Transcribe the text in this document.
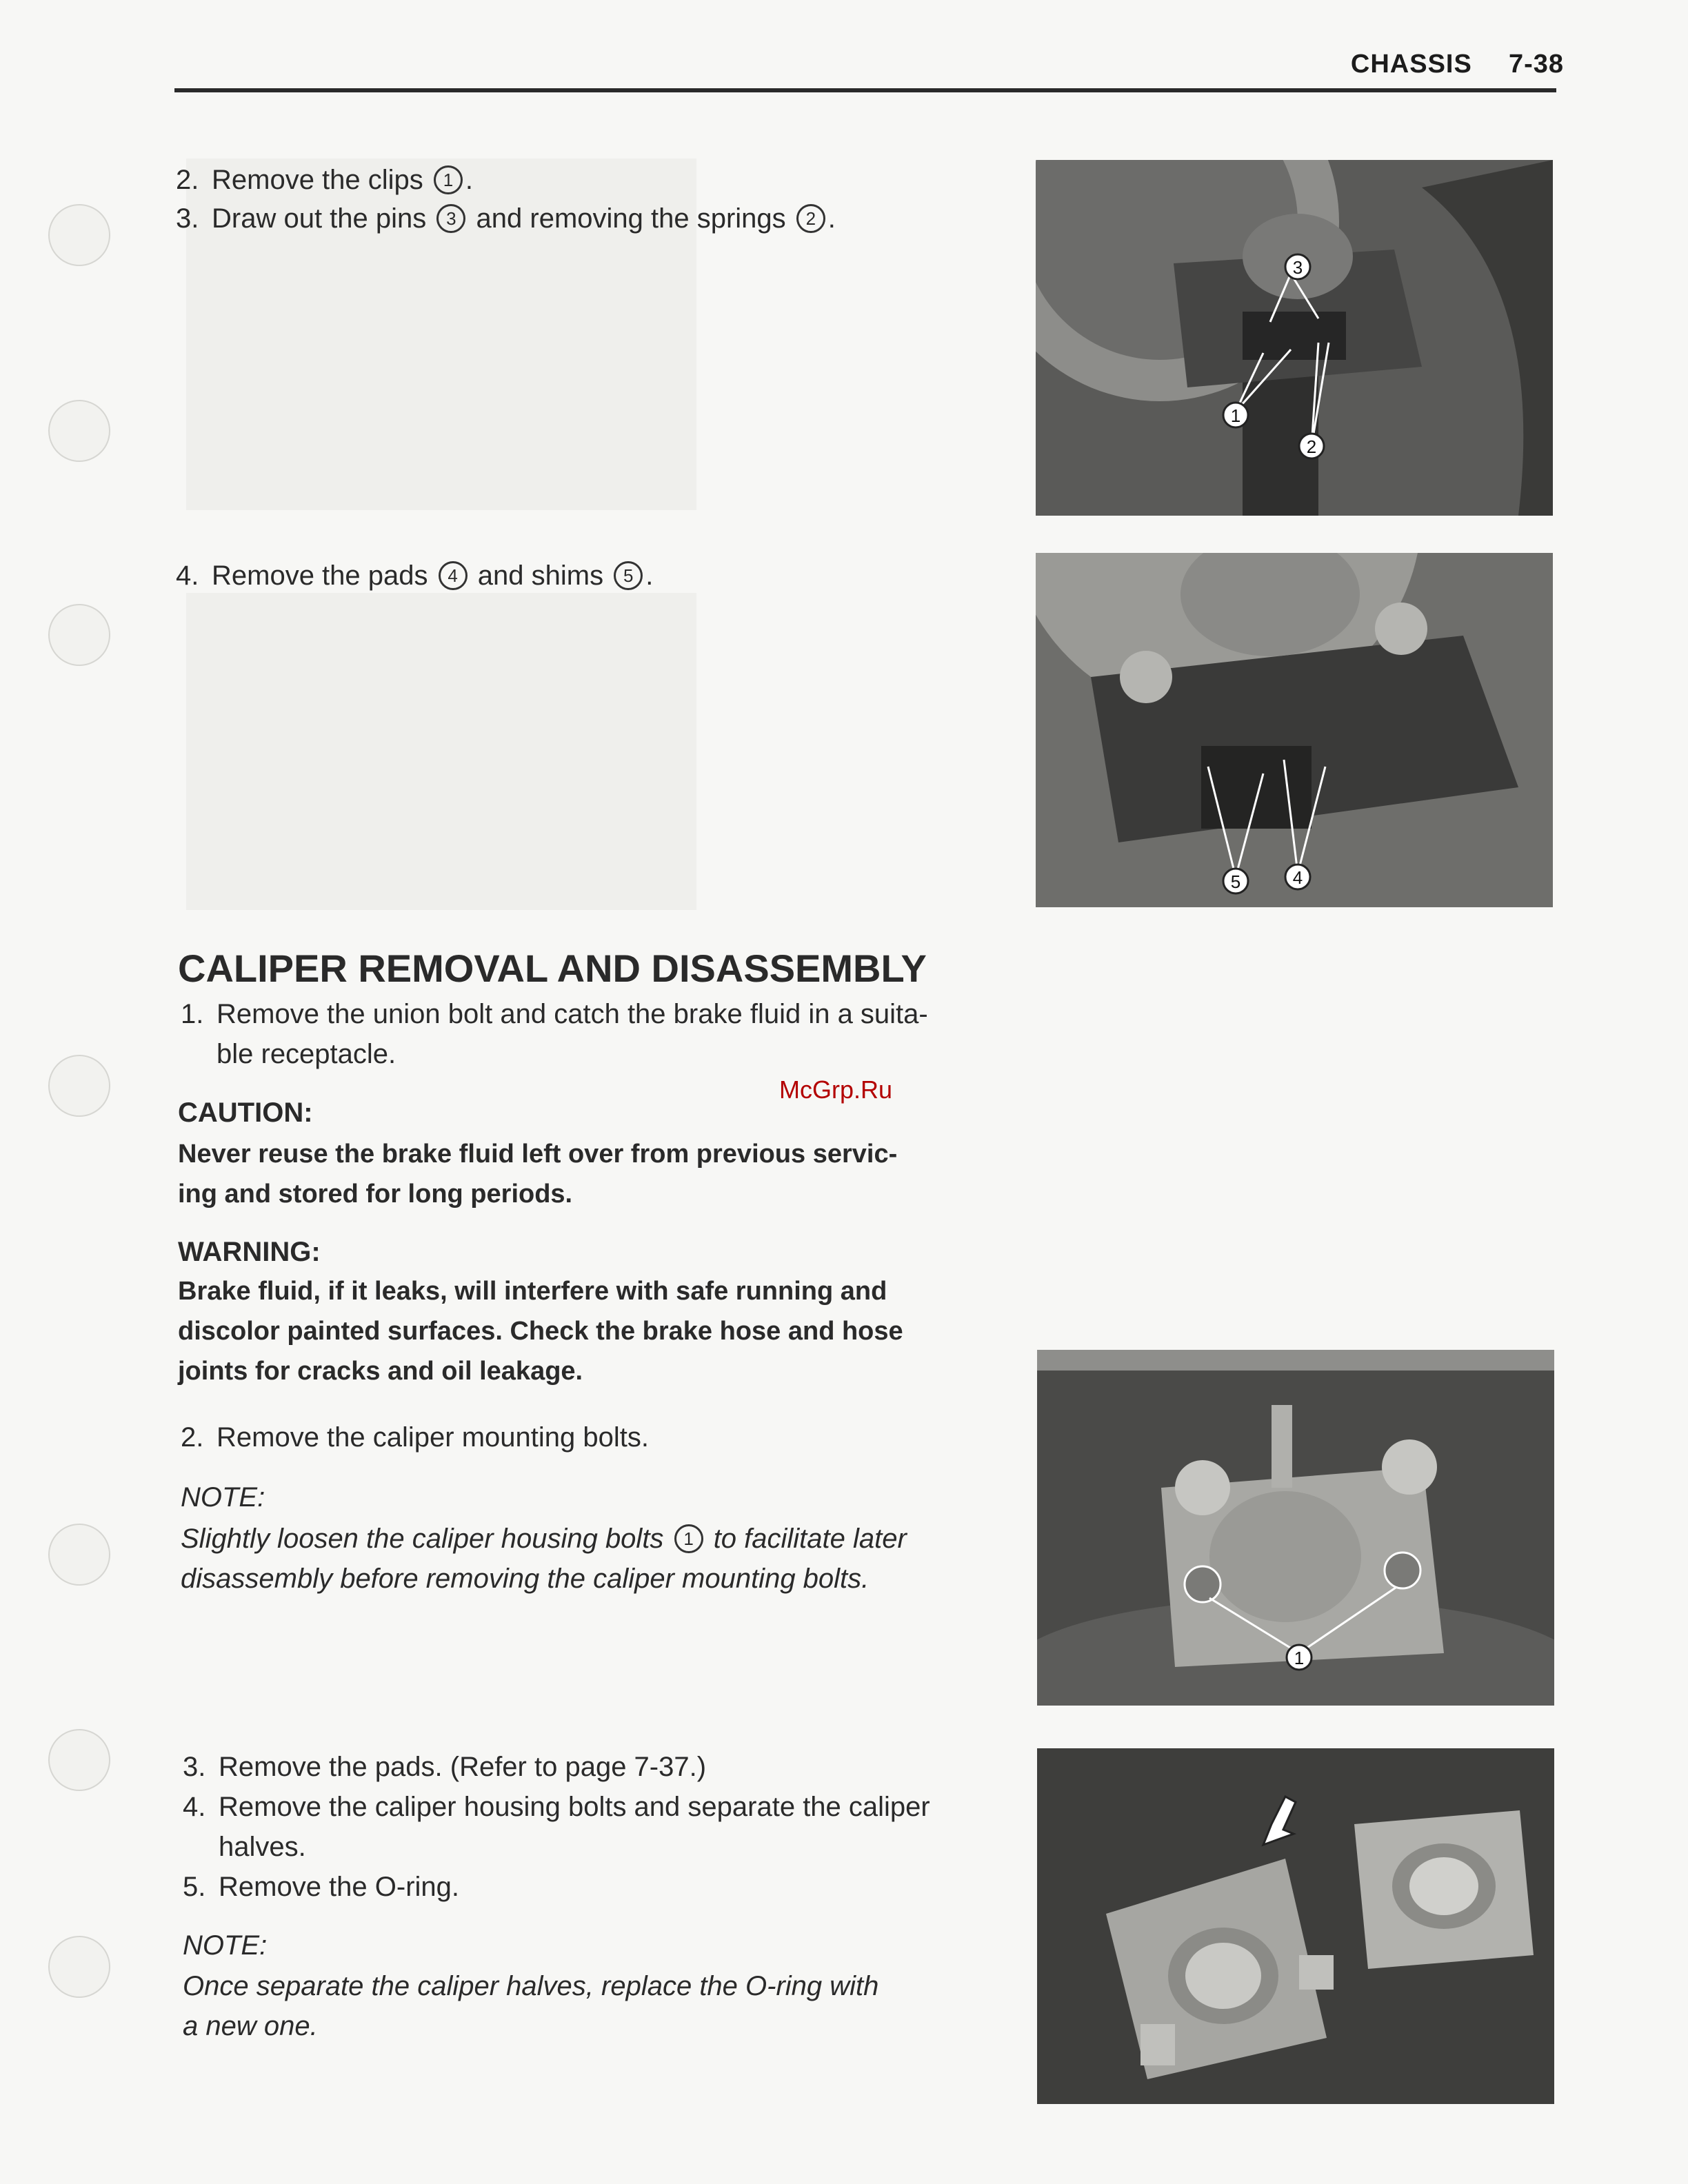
CHASSIS 7-38
2. Remove the clips 1 .
3. Draw out the pins 3 and removing the springs 2 .
4. Remove the pads 4 and shims 5 .
CALIPER REMOVAL AND DISASSEMBLY
1. Remove the union bolt and catch the brake fluid in a suita-
ble receptacle.
CAUTION:
Never reuse the brake fluid left over from previous servic-
ing and stored for long periods.
WARNING:
Brake fluid, if it leaks, will interfere with safe running and
discolor painted surfaces. Check the brake hose and hose
joints for cracks and oil leakage.
2. Remove the caliper mounting bolts.
NOTE:
Slightly loosen the caliper housing bolts 1 to facilitate later
disassembly before removing the caliper mounting bolts.
3. Remove the pads. (Refer to page 7-37.)
4. Remove the caliper housing bolts and separate the caliper
halves.
5. Remove the O-ring.
NOTE:
Once separate the caliper halves, replace the O-ring with
a new one.
McGrp.Ru
3
1
2
5	4
1
